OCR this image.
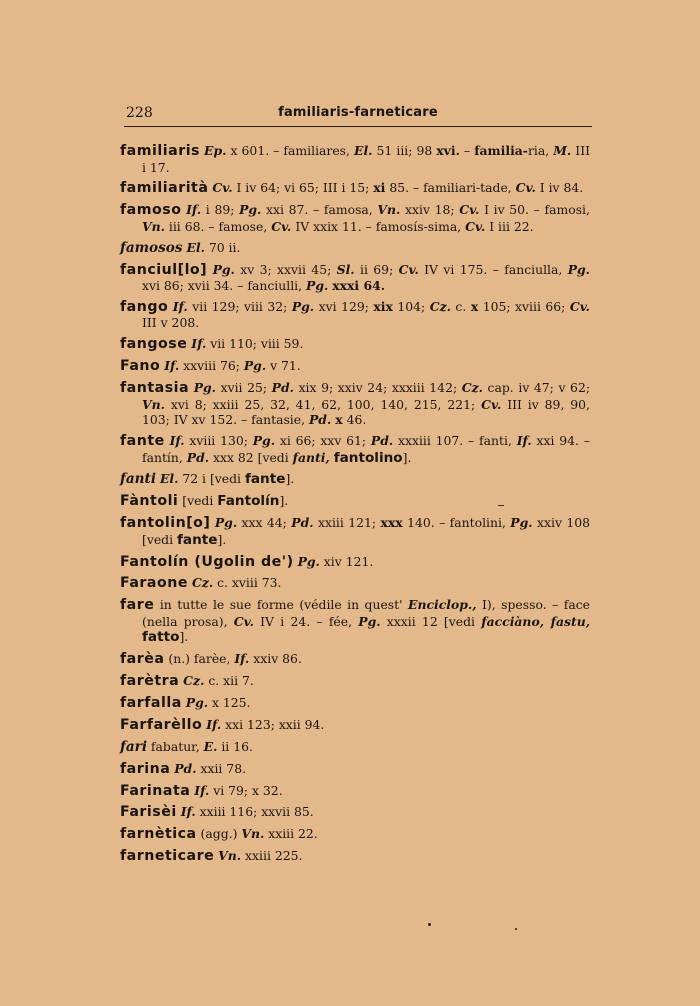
228	familiaris-farneticare
familiaris Ep. x 601. – familiares, El. 51 iii; 98 xvi. – familia-ria, M. III i 17.
familiarità Cv. I iv 64; vi 65; III i 15; xi 85. – familiari-tade, Cv. I iv 84.
famoso If. i 89; Pg. xxi 87. – famosa, Vn. xxiv 18; Cv. I iv 50. – famosi, Vn. iii 68. – famose, Cv. IV xxix 11. – famosís-sima, Cv. I iii 22.
famosos El. 70 ii.
fanciul[lo] Pg. xv 3; xxvii 45; Sl. ii 69; Cv. IV vi 175. – fanciulla, Pg. xvi 86; xvii 34. – fanciulli, Pg. xxxi 64.
fango If. vii 129; viii 32; Pg. xvi 129; xix 104; Cz. c. x 105; xviii 66; Cv. III v 208.
fangose If. vii 110; viii 59.
Fano If. xxviii 76; Pg. v 71.
fantasia Pg. xvii 25; Pd. xix 9; xxiv 24; xxxiii 142; Cz. cap. iv 47; v 62; Vn. xvi 8; xxiii 25, 32, 41, 62, 100, 140, 215, 221; Cv. III iv 89, 90, 103; IV xv 152. – fantasie, Pd. x 46.
fante If. xviii 130; Pg. xi 66; xxv 61; Pd. xxxiii 107. – fanti, If. xxi 94. – fantín, Pd. xxx 82 [vedi fanti, fantolino].
fanti El. 72 i [vedi fante].
Fàntoli [vedi Fantolín].
fantolin[o] Pg. xxx 44; Pd. xxiii 121; xxx 140. – fantolini, Pg. xxiv 108 [vedi fante].
Fantolín (Ugolin de') Pg. xiv 121.
Faraone Cz. c. xviii 73.
fare in tutte le sue forme (védile in quest' Enciclop., I), spesso. – face (nella prosa), Cv. IV i 24. – fée, Pg. xxxii 12 [vedi facciàno, fastu, fatto].
farèa (n.) farèe, If. xxiv 86.
farètra Cz. c. xii 7.
farfalla Pg. x 125.
Farfarèllo If. xxi 123; xxii 94.
fari fabatur, E. ii 16.
farina Pd. xxii 78.
Farinata If. vi 79; x 32.
Farisèi If. xxiii 116; xxvii 85.
farnètica (agg.) Vn. xxiii 22.
farneticare Vn. xxiii 225.
